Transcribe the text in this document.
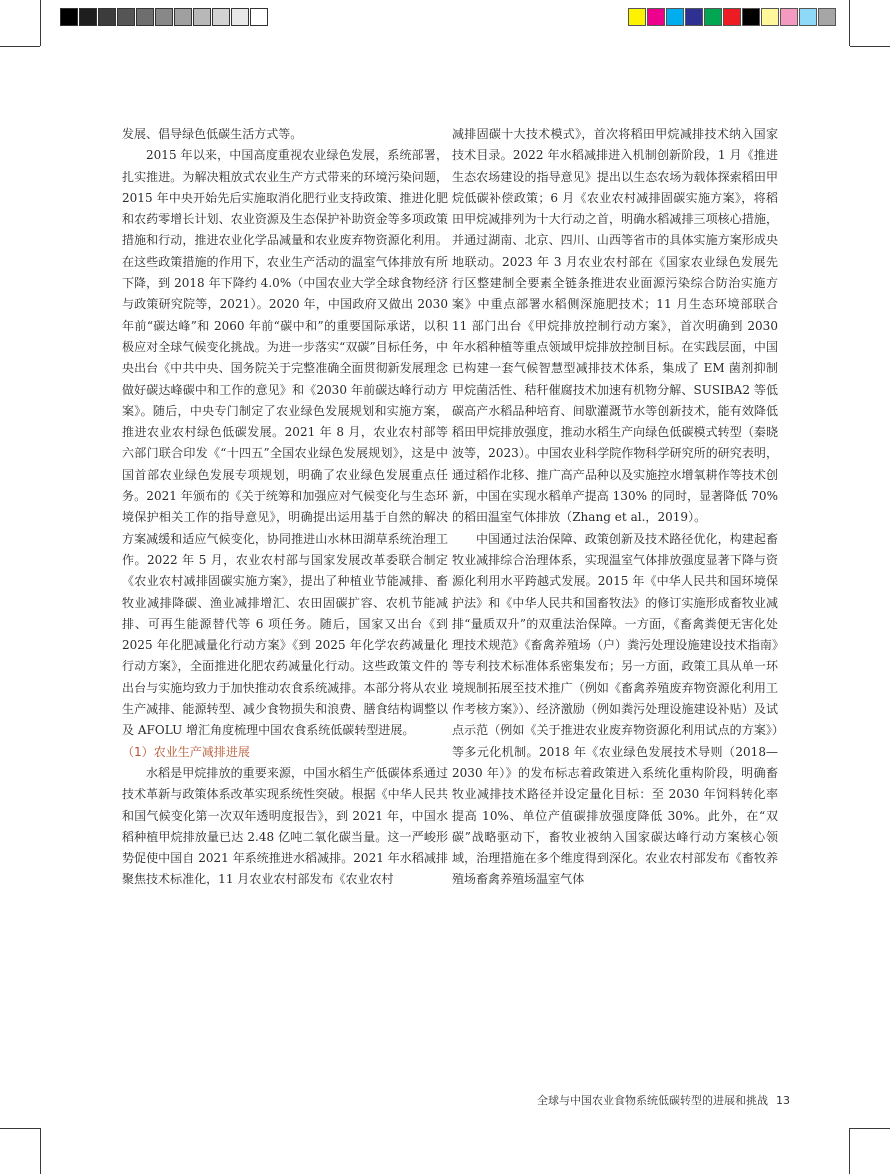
发展、倡导绿色低碳生活方式等。

2015 年以来，中国高度重视农业绿色发展，系统部署，扎实推进。为解决粗放式农业生产方式带来的环境污染问题，2015 年中央开始先后实施取消化肥行业支持政策、推进化肥和农药零增长计划、农业资源及生态保护补助资金等多项政策措施和行动，推进农业化学品减量和农业废弃物资源化利用。在这些政策措施的作用下，农业生产活动的温室气体排放有所下降，到 2018 年下降约 4.0%（中国农业大学全球食物经济与政策研究院等，2021）。2020 年，中国政府又做出 2030 年前“碳达峰”和 2060 年前“碳中和”的重要国际承诺，以积极应对全球气候变化挑战。为进一步落实“双碳”目标任务，中央出台《中共中央、国务院关于完整准确全面贯彻新发展理念做好碳达峰碳中和工作的意见》和《2030 年前碳达峰行动方案》。随后，中央专门制定了农业绿色发展规划和实施方案，推进农业农村绿色低碳发展。2021 年 8 月，农业农村部等六部门联合印发《“十四五”全国农业绿色发展规划》，这是中国首部农业绿色发展专项规划，明确了农业绿色发展重点任务。2021 年颁布的《关于统筹和加强应对气候变化与生态环境保护相关工作的指导意见》，明确提出运用基于自然的解决方案减缓和适应气候变化，协同推进山水林田湖草系统治理工作。2022 年 5 月，农业农村部与国家发展改革委联合制定《农业农村减排固碳实施方案》，提出了种植业节能减排、畜牧业减排降碳、渔业减排增汇、农田固碳扩容、农机节能减排、可再生能源替代等 6 项任务。随后，国家又出台《到 2025 年化肥减量化行动方案》《到 2025 年化学农药减量化行动方案》，全面推进化肥农药减量化行动。这些政策文件的出台与实施均致力于加快推动农食系统减排。本部分将从农业生产减排、能源转型、减少食物损失和浪费、膳食结构调整以及 AFOLU 增汇角度梳理中国农食系统低碳转型进展。

（1）农业生产减排进展

水稻是甲烷排放的重要来源，中国水稻生产低碳体系通过技术革新与政策体系改革实现系统性突破。根据《中华人民共和国气候变化第一次双年透明度报告》，到 2021 年，中国水稻种植甲烷排放量已达 2.48 亿吨二氧化碳当量。这一严峻形势促使中国自 2021 年系统推进水稻减排。2021 年水稻减排聚焦技术标准化，11 月农业农村部发布《农业农村

减排固碳十大技术模式》，首次将稻田甲烷减排技术纳入国家技术目录。2022 年水稻减排进入机制创新阶段，1 月《推进生态农场建设的指导意见》提出以生态农场为载体探索稻田甲烷低碳补偿政策；6 月《农业农村减排固碳实施方案》，将稻田甲烷减排列为十大行动之首，明确水稻减排三项核心措施，并通过湖南、北京、四川、山西等省市的具体实施方案形成央地联动。2023 年 3 月农业农村部在《国家农业绿色发展先行区整建制全要素全链条推进农业面源污染综合防治实施方案》中重点部署水稻侧深施肥技术；11 月生态环境部联合 11 部门出台《甲烷排放控制行动方案》，首次明确到 2030 年水稻种植等重点领域甲烷排放控制目标。在实践层面，中国已构建一套气候智慧型减排技术体系，集成了 EM 菌剂抑制甲烷菌活性、秸秆催腐技术加速有机物分解、SUSIBA2 等低碳高产水稻品种培育、间歇灌溉节水等创新技术，能有效降低稻田甲烷排放强度，推动水稻生产向绿色低碳模式转型（秦晓波等，2023）。中国农业科学院作物科学研究所的研究表明，通过稻作北移、推广高产品种以及实施控水增氧耕作等技术创新，中国在实现水稻单产提高 130% 的同时，显著降低 70% 的稻田温室气体排放（Zhang et al.，2019）。

中国通过法治保障、政策创新及技术路径优化，构建起畜牧业减排综合治理体系，实现温室气体排放强度显著下降与资源化利用水平跨越式发展。2015 年《中华人民共和国环境保护法》和《中华人民共和国畜牧法》的修订实施形成畜牧业减排“量质双升”的双重法治保障。一方面，《畜禽粪便无害化处理技术规范》《畜禽养殖场（户）粪污处理设施建设技术指南》等专利技术标准体系密集发布；另一方面，政策工具从单一环境规制拓展至技术推广（例如《畜禽养殖废弃物资源化利用工作考核方案》）、经济激励（例如粪污处理设施建设补贴）及试点示范（例如《关于推进农业废弃物资源化利用试点的方案》）等多元化机制。2018 年《农业绿色发展技术导则（2018—2030 年）》的发布标志着政策进入系统化重构阶段，明确畜牧业减排技术路径并设定量化目标：至 2030 年饲料转化率提高 10%、单位产值碳排放强度降低 30%。此外，在“双碳”战略驱动下，畜牧业被纳入国家碳达峰行动方案核心领域，治理措施在多个维度得到深化。农业农村部发布《畜牧养殖场畜禽养殖场温室气体

全球与中国农业食物系统低碳转型的进展和挑战 13
